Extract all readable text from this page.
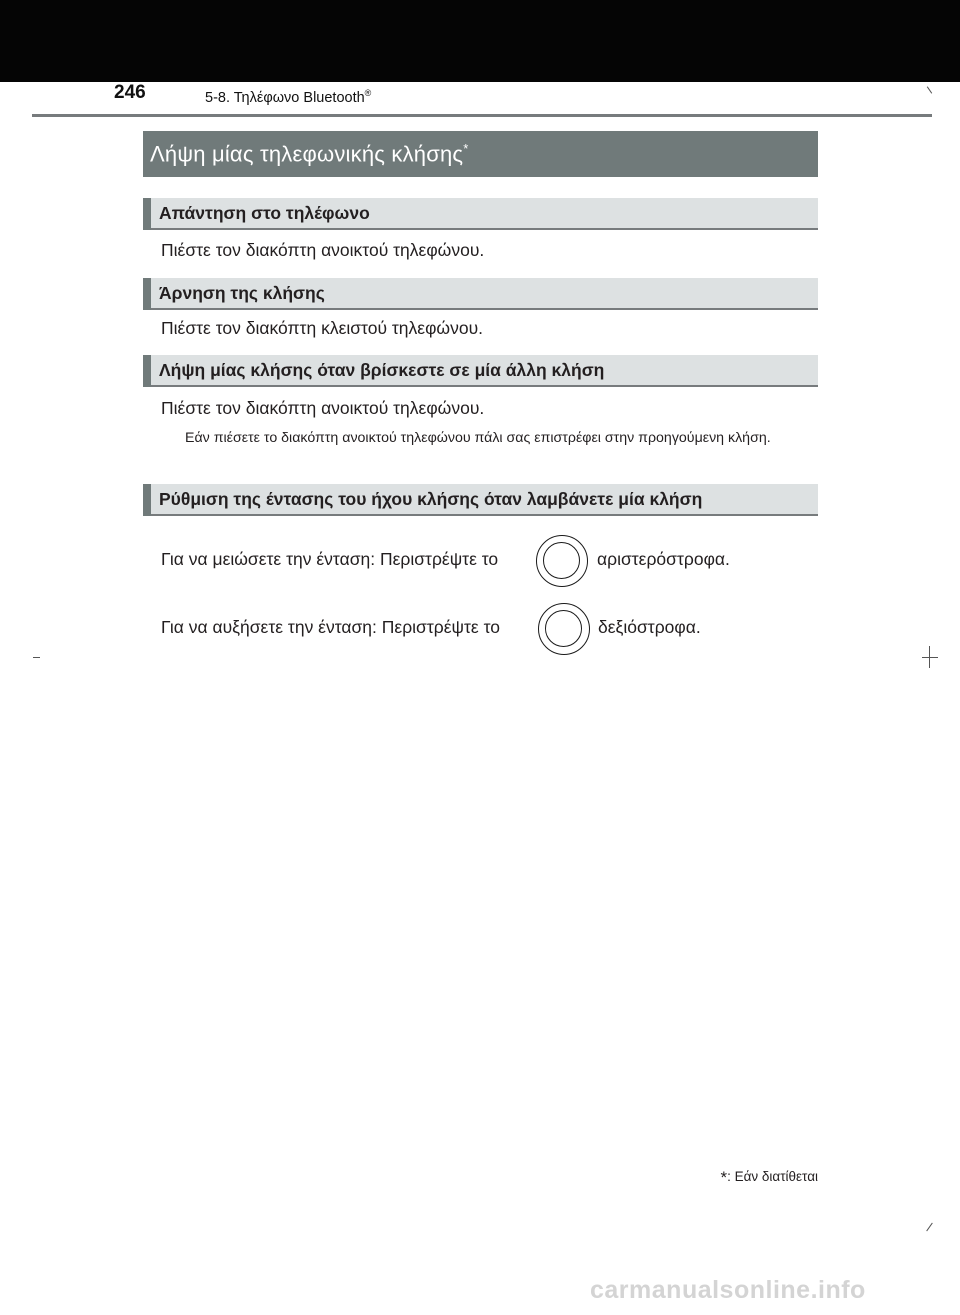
246	5-8. Τηλέφωνο Bluetooth®
Λήψη μίας τηλεφωνικής κλήσης*
Απάντηση στο τηλέφωνο
Πιέστε τον διακόπτη ανοικτού τηλεφώνου.
Άρνηση της κλήσης
Πιέστε τον διακόπτη κλειστού τηλεφώνου.
Λήψη μίας κλήσης όταν βρίσκεστε σε μία άλλη κλήση
Πιέστε τον διακόπτη ανοικτού τηλεφώνου.
Εάν πιέσετε το διακόπτη ανοικτού τηλεφώνου πάλι σας επιστρέφει στην προηγούμενη κλήση.
Ρύθμιση της έντασης του ήχου κλήσης όταν λαμβάνετε μία κλήση
Για να μειώσετε την ένταση: Περιστρέψτε το	αριστερόστροφα.
Για να αυξήσετε την ένταση: Περιστρέψτε το	δεξιόστροφα.
*: Εάν διατίθεται
carmanualsonline.info
